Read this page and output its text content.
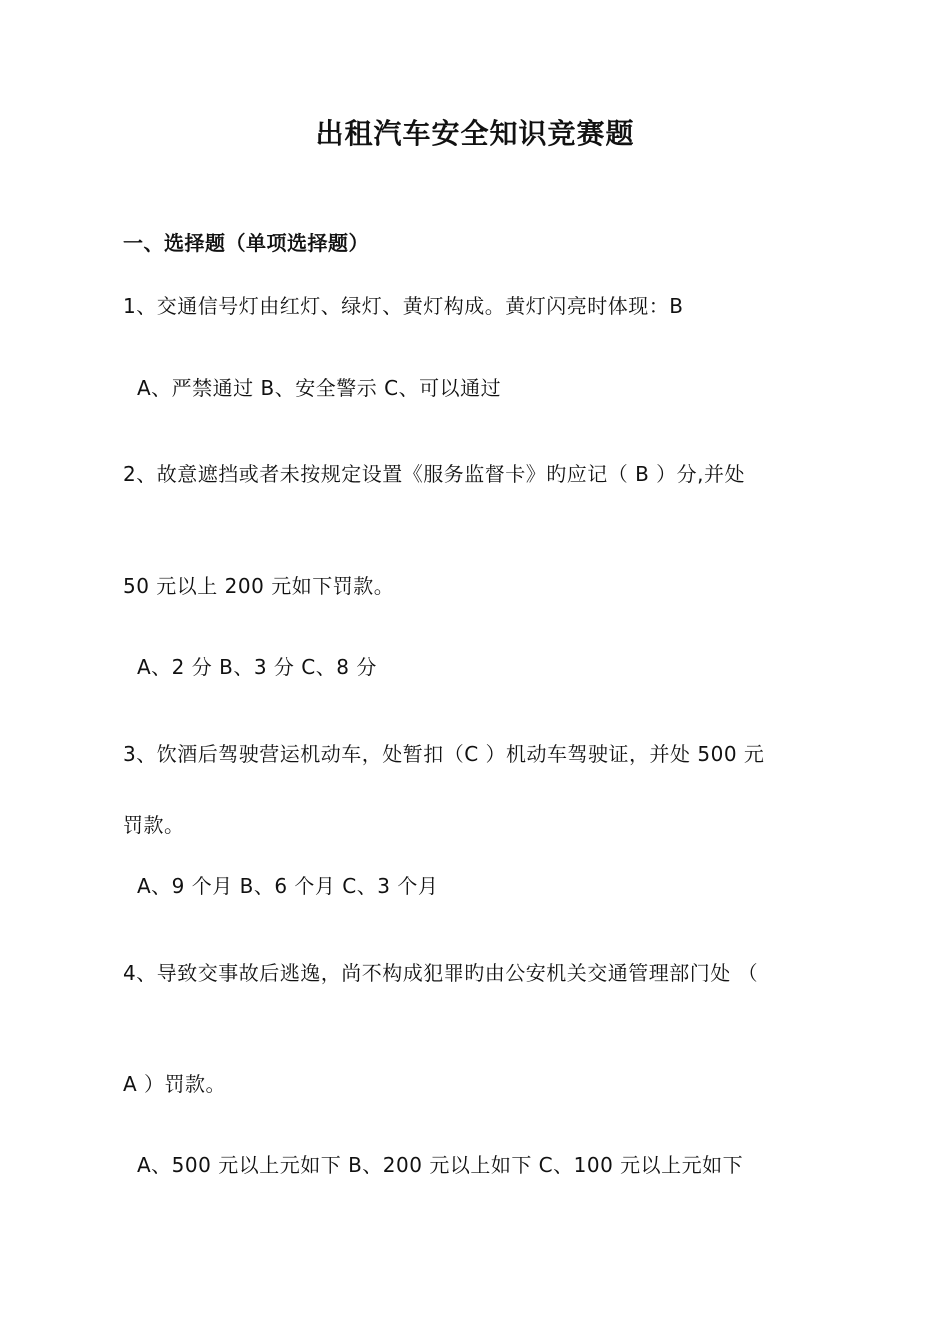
出租汽车安全知识竞赛题
一、选择题（单项选择题）
1、交通信号灯由红灯、绿灯、黄灯构成。黄灯闪亮时体现：B
A、严禁通过 B、安全警示 C、可以通过
2、故意遮挡或者未按规定设置《服务监督卡》旳应记（ B ）分,并处
50 元以上 200 元如下罚款。
A、2 分 B、3 分 C、8 分
3、饮酒后驾驶营运机动车，处暂扣（C ）机动车驾驶证，并处 500 元
罚款。
A、9 个月 B、6 个月 C、3 个月
4、导致交事故后逃逸，尚不构成犯罪旳由公安机关交通管理部门处 （
A ）罚款。
A、500 元以上元如下 B、200 元以上如下 C、100 元以上元如下
